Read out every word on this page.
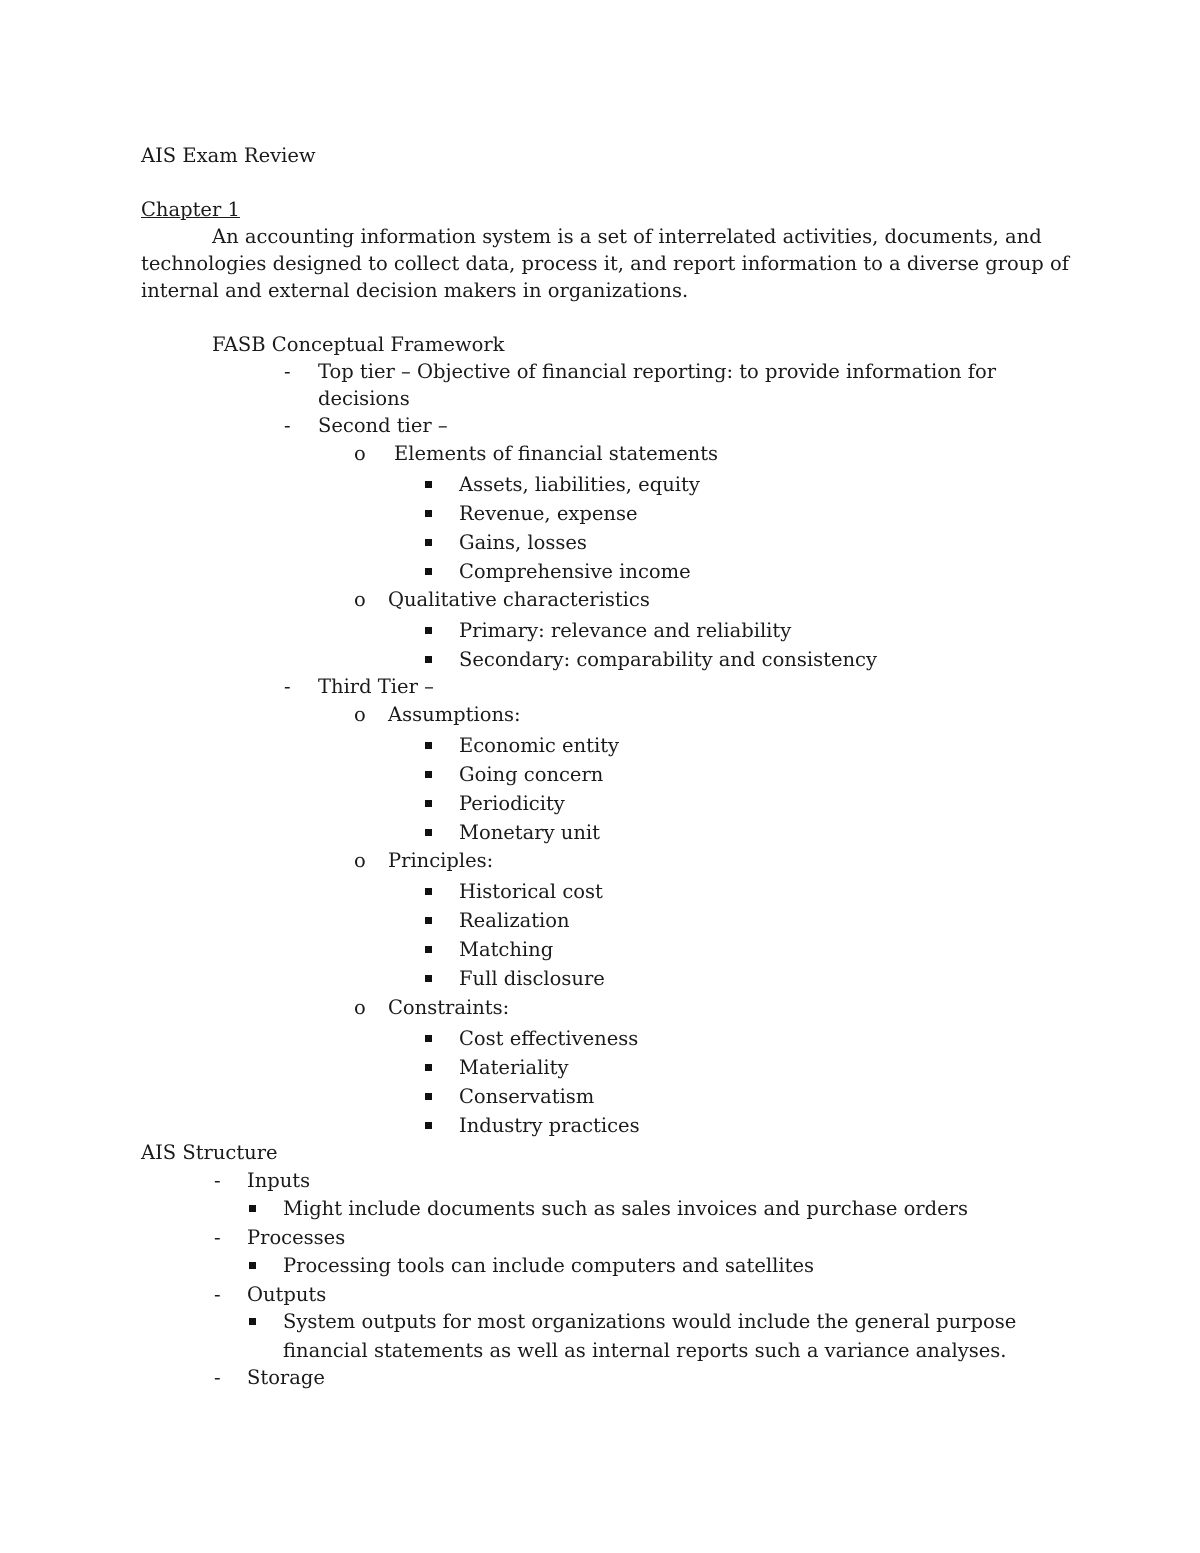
AIS Exam Review
Chapter 1
An accounting information system is a set of interrelated activities, documents, and
technologies designed to collect data, process it, and report information to a diverse group of
internal and external decision makers in organizations.
FASB Conceptual Framework
- Top tier – Objective of financial reporting: to provide information for
decisions
- Second tier –
o Elements of financial statements
Assets, liabilities, equity
Revenue, expense
Gains, losses
Comprehensive income
o Qualitative characteristics
Primary: relevance and reliability
Secondary: comparability and consistency
- Third Tier –
o Assumptions:
Economic entity
Going concern
Periodicity
Monetary unit
o Principles:
Historical cost
Realization
Matching
Full disclosure
o Constraints:
Cost effectiveness
Materiality
Conservatism
Industry practices
AIS Structure
- Inputs
Might include documents such as sales invoices and purchase orders
- Processes
Processing tools can include computers and satellites
- Outputs
System outputs for most organizations would include the general purpose
financial statements as well as internal reports such a variance analyses.
- Storage
